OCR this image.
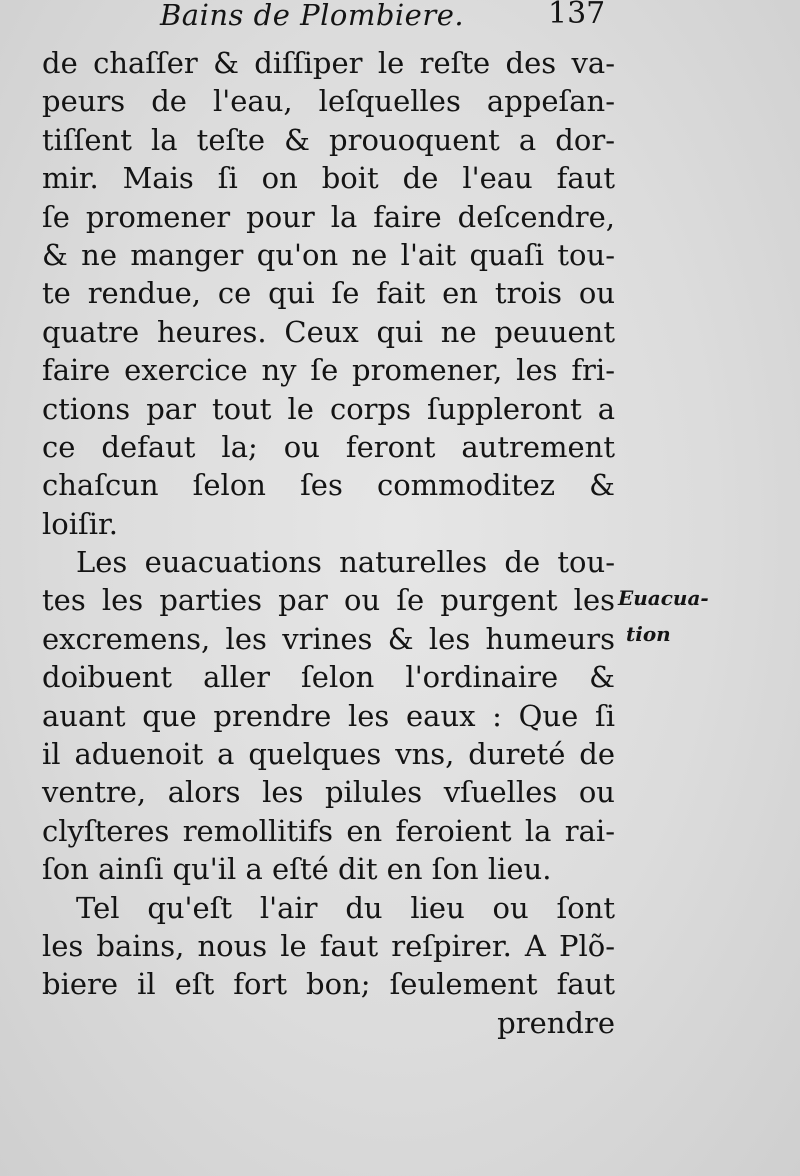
Bains de Plombiere.	137
de chaſſer & diſſiper le reſte des va-
peurs de l'eau, leſquelles appeſan-
tiſſent la teſte & prouoquent a dor-
mir. Mais ſi on boit de l'eau faut
ſe promener pour la faire deſcendre,
& ne manger qu'on ne l'ait quaſi tou-
te rendue, ce qui ſe fait en trois ou
quatre heures. Ceux qui ne peuuent
faire exercice ny ſe promener, les fri-
ctions par tout le corps ſuppleront a
ce defaut la; ou feront autrement
chaſcun ſelon ſes commoditez &
loiſir.
Les euacuations naturelles de tou-
tes les parties par ou ſe purgent les
excremens, les vrines & les humeurs
doibuent aller ſelon l'ordinaire &
auant que prendre les eaux : Que ſi
il aduenoit a quelques vns, dureté de
ventre, alors les pilules vſuelles ou
clyſteres remollitifs en feroient la rai-
ſon ainſi qu'il a eſté dit en ſon lieu.
Tel qu'eſt l'air du lieu ou ſont
les bains, nous le faut reſpirer. A Plõ-
biere il eſt fort bon; ſeulement faut
prendre
Euacua-
tion
